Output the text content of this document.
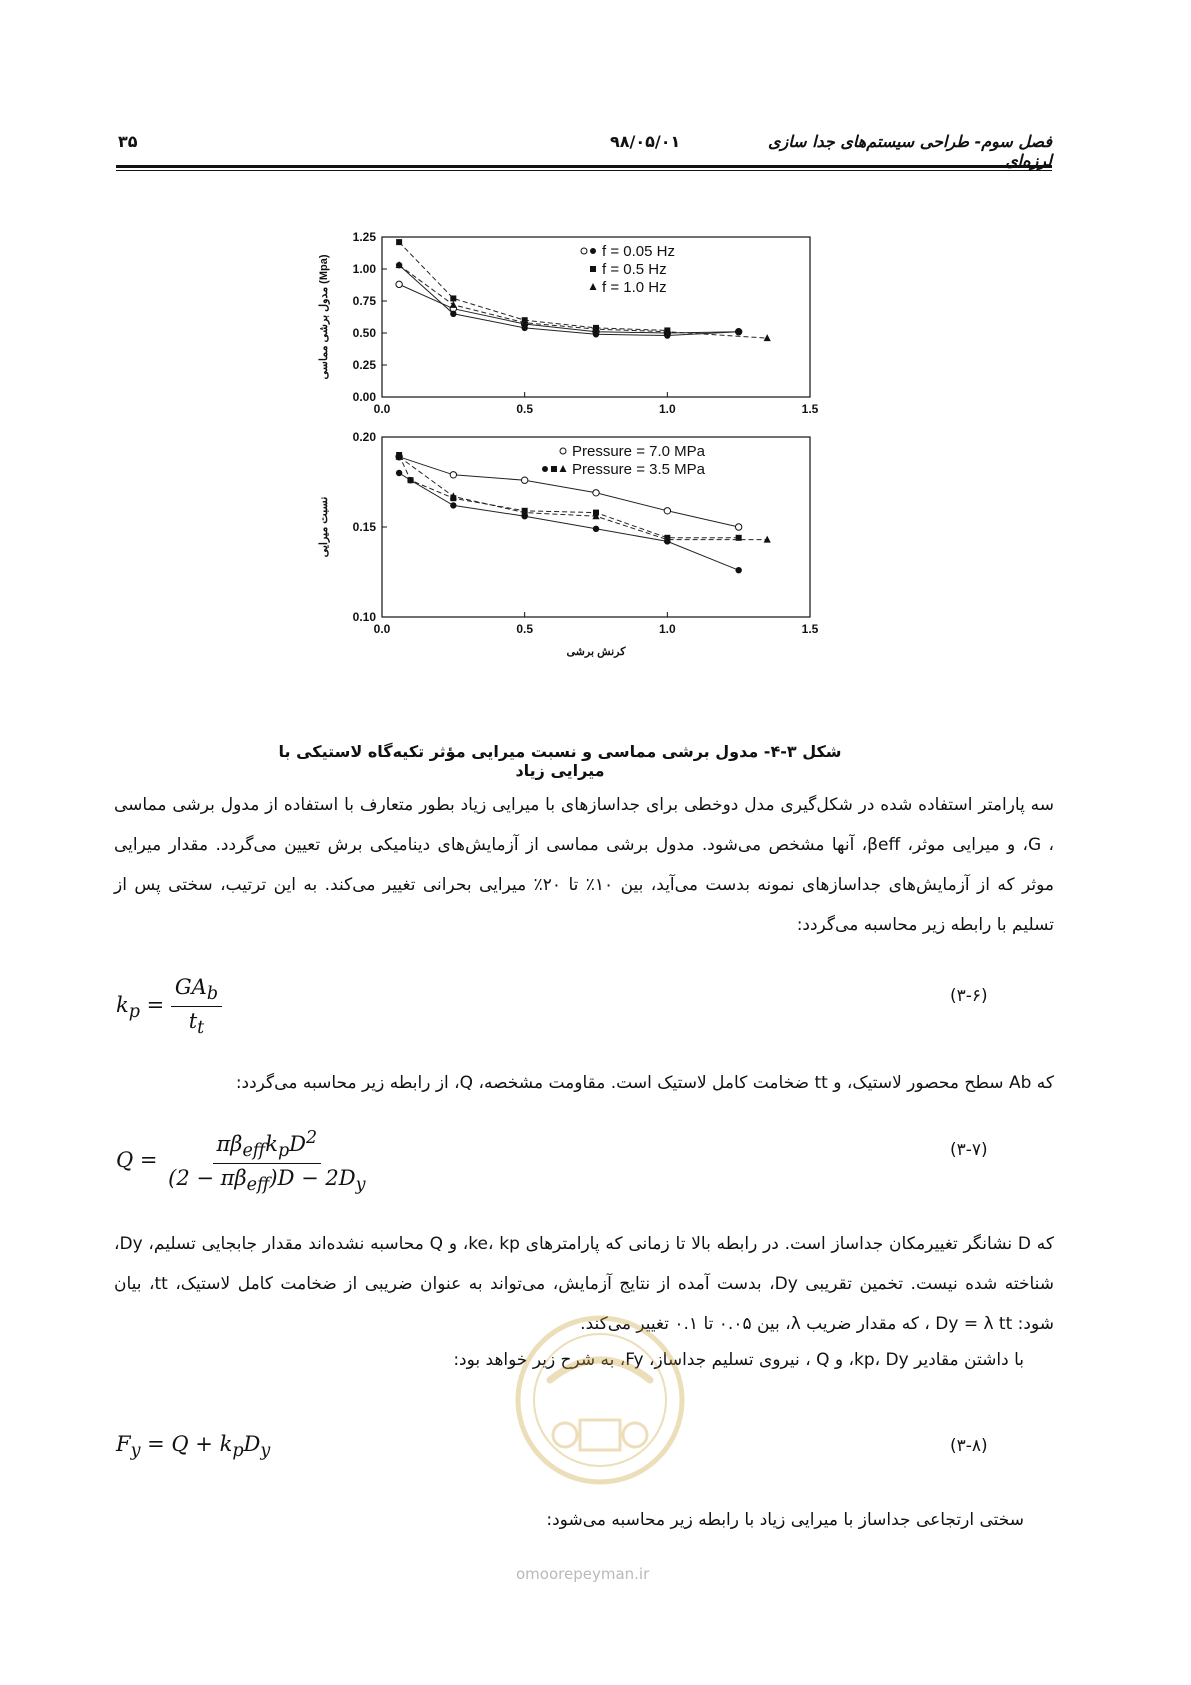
۳۵	۹۸/۰۵/۰۱	فصل سوم- طراحی سیستم‌های جدا سازی لرزه‌ای
0.0	0.5	1.0	1.5
0.00
0.25
0.50
0.75
1.00
1.25
مدول برشی مماسی (Mpa)
f = 0.05 Hz
f = 0.5 Hz
f = 1.0 Hz
0.0	0.5	1.0	1.5
0.10
0.15
0.20
نسبت میرایی
کرنش برشی
Pressure = 7.0 MPa
Pressure = 3.5 MPa
شکل ۳-۴- مدول برشی مماسی و نسبت میرایی مؤثر تکیه‌گاه لاستیکی با میرایی زیاد
سه پارامتر استفاده شده در شکل‌گیری مدل دوخطی برای جداسازهای با میرایی زیاد بطور متعارف با استفاده از مدول برشی مماسی ، G، و میرایی موثر، βeff، آنها مشخص می‌شود. مدول برشی مماسی از آزمایش‌های دینامیکی برش تعیین می‌گردد. مقدار میرایی موثر که از آزمایش‌های جداسازهای نمونه بدست می‌آید، بین ۱۰٪ تا ۲۰٪ میرایی بحرانی تغییر می‌کند. به این ترتیب، سختی پس از تسلیم با رابطه زیر محاسبه می‌گردد:
$k_p = \frac{GA_b}{t_t}$	(۳-۶)
که Ab سطح محصور لاستیک، و tt ضخامت کامل لاستیک است. مقاومت مشخصه، Q، از رابطه زیر محاسبه می‌گردد:
$Q = \frac{\pi\beta_{eff}k_pD^2}{(2 - \pi\beta_{eff})D - 2D_y}$	(۳-۷)
که D نشانگر تغییرمکان جداساز است. در رابطه بالا تا زمانی که پارامترهای ke، kp، و Q محاسبه نشده‌اند مقدار جابجایی تسلیم، Dy، شناخته شده نیست. تخمین تقریبی Dy، بدست آمده از نتایج آزمایش، می‌تواند به عنوان ضریبی از ضخامت کامل لاستیک، tt، بیان شود: Dy = λ tt ، که مقدار ضریب λ، بین ۰.۰۵ تا ۰.۱ تغییر می‌کند.
با داشتن مقادیر kp، Dy، و Q ، نیروی تسلیم جداساز، Fy، به شرح زیر خواهد بود:
$F_y = Q + k_pD_y$	(۳-۸)
سختی ارتجاعی جداساز با میرایی زیاد با رابطه زیر محاسبه می‌شود:
omoorepeyman.ir
